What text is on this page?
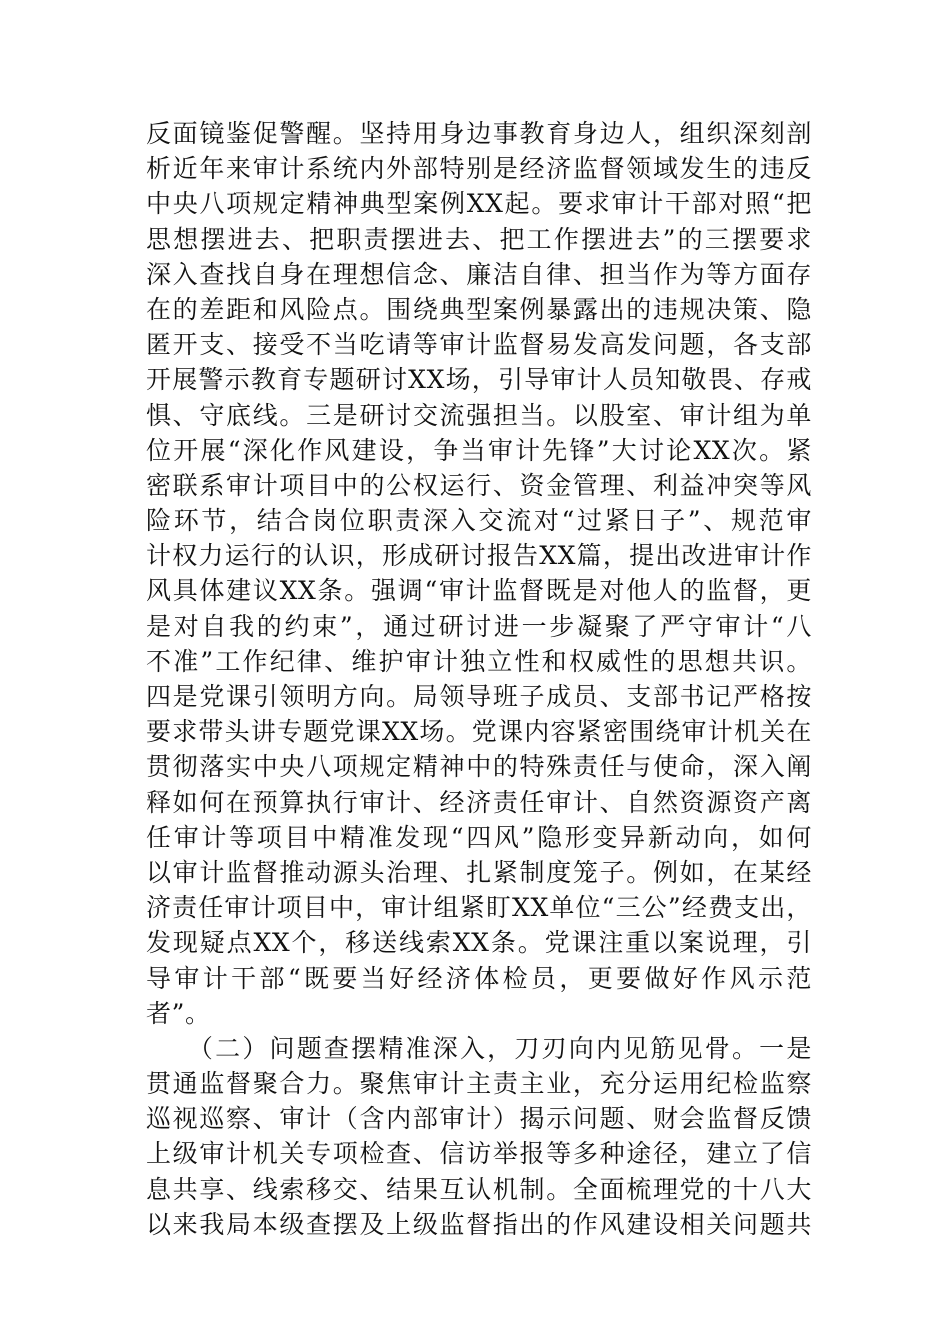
反面镜鉴促警醒。坚持用身边事教育身边人，组织深刻剖
析近年来审计系统内外部特别是经济监督领域发生的违反
中央八项规定精神典型案例XX起。要求审计干部对照“把
思想摆进去、把职责摆进去、把工作摆进去”的三摆要求
深入查找自身在理想信念、廉洁自律、担当作为等方面存
在的差距和风险点。围绕典型案例暴露出的违规决策、隐
匿开支、接受不当吃请等审计监督易发高发问题，各支部
开展警示教育专题研讨XX场，引导审计人员知敬畏、存戒
惧、守底线。三是研讨交流强担当。以股室、审计组为单
位开展“深化作风建设，争当审计先锋”大讨论XX次。紧
密联系审计项目中的公权运行、资金管理、利益冲突等风
险环节，结合岗位职责深入交流对“过紧日子”、规范审
计权力运行的认识，形成研讨报告XX篇，提出改进审计作
风具体建议XX条。强调“审计监督既是对他人的监督，更
是对自我的约束”，通过研讨进一步凝聚了严守审计“八
不准”工作纪律、维护审计独立性和权威性的思想共识。
四是党课引领明方向。局领导班子成员、支部书记严格按
要求带头讲专题党课XX场。党课内容紧密围绕审计机关在
贯彻落实中央八项规定精神中的特殊责任与使命，深入阐
释如何在预算执行审计、经济责任审计、自然资源资产离
任审计等项目中精准发现“四风”隐形变异新动向，如何
以审计监督推动源头治理、扎紧制度笼子。例如，在某经
济责任审计项目中，审计组紧盯XX单位“三公”经费支出，
发现疑点XX个，移送线索XX条。党课注重以案说理，引
导审计干部“既要当好经济体检员，更要做好作风示范
者”。
　　（二）问题查摆精准深入，刀刃向内见筋见骨。一是
贯通监督聚合力。聚焦审计主责主业，充分运用纪检监察
巡视巡察、审计（含内部审计）揭示问题、财会监督反馈
上级审计机关专项检查、信访举报等多种途径，建立了信
息共享、线索移交、结果互认机制。全面梳理党的十八大
以来我局本级查摆及上级监督指出的作风建设相关问题共
